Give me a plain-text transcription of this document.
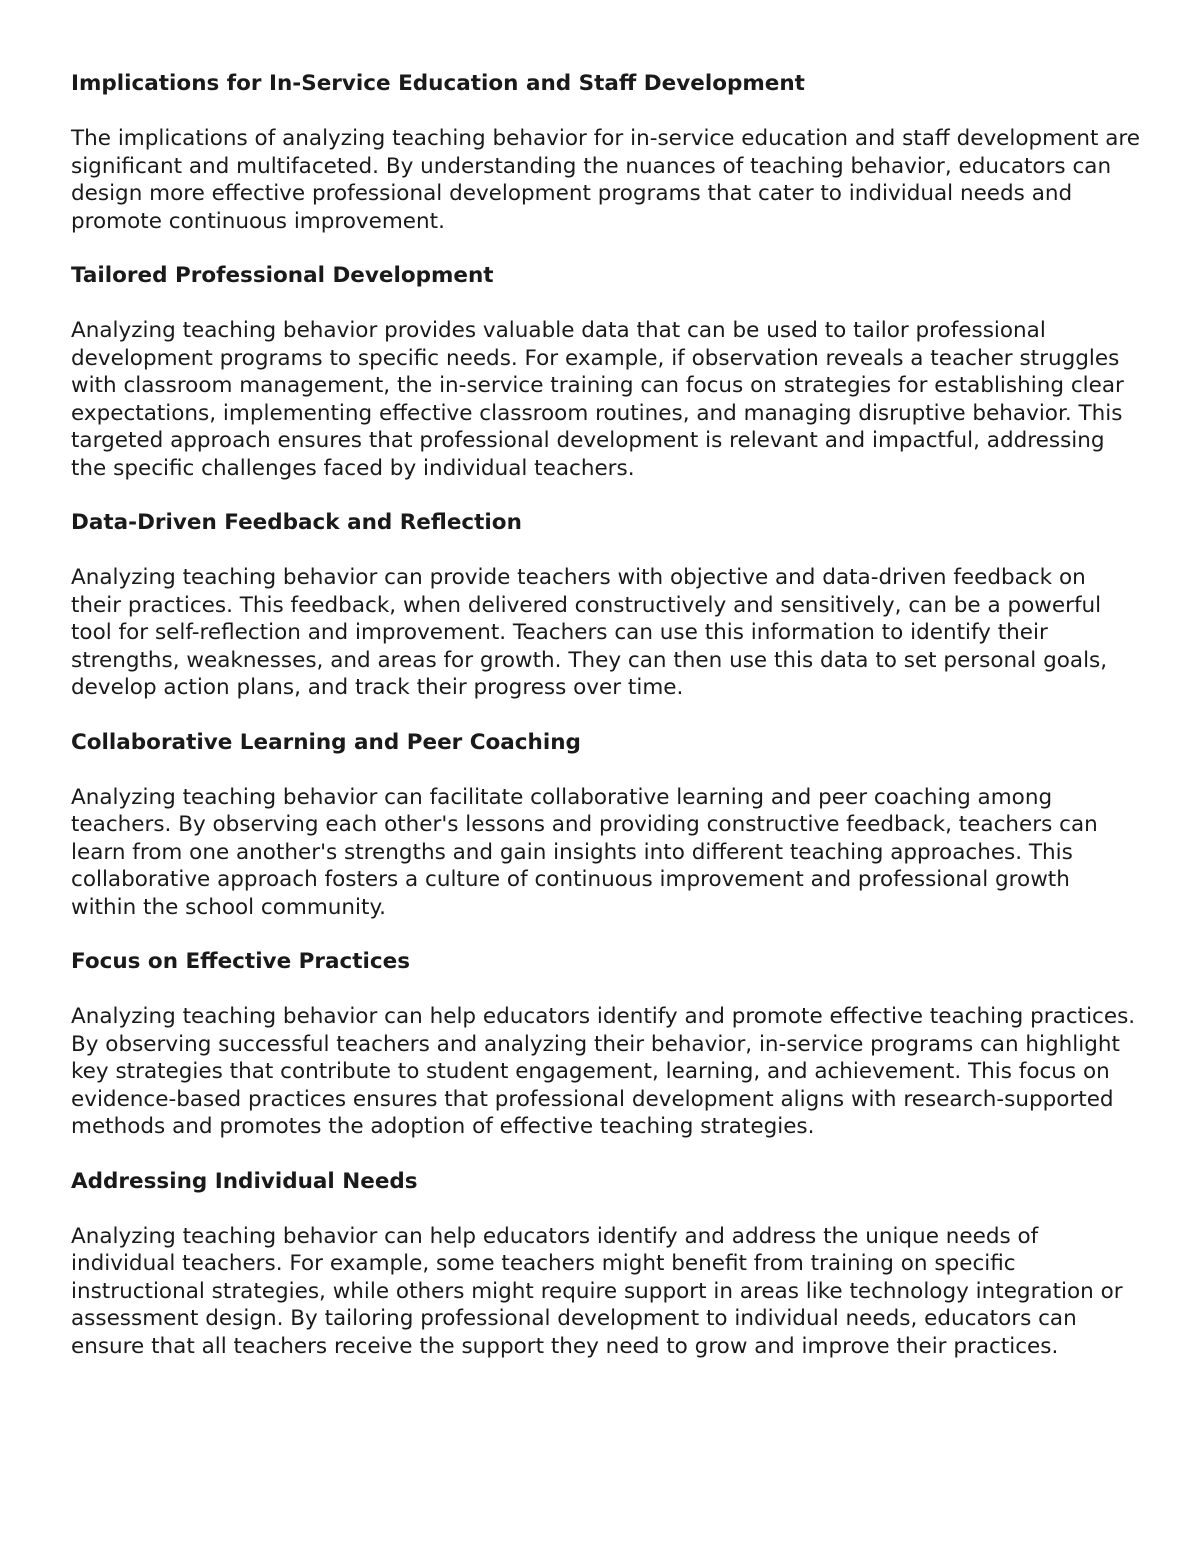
Implications for In-Service Education and Staff Development

The implications of analyzing teaching behavior for in-service education and staff development are significant and multifaceted. By understanding the nuances of teaching behavior, educators can design more effective professional development programs that cater to individual needs and promote continuous improvement.

Tailored Professional Development

Analyzing teaching behavior provides valuable data that can be used to tailor professional development programs to specific needs. For example, if observation reveals a teacher struggles with classroom management, the in-service training can focus on strategies for establishing clear expectations, implementing effective classroom routines, and managing disruptive behavior. This targeted approach ensures that professional development is relevant and impactful, addressing the specific challenges faced by individual teachers.

Data-Driven Feedback and Reflection

Analyzing teaching behavior can provide teachers with objective and data-driven feedback on their practices. This feedback, when delivered constructively and sensitively, can be a powerful tool for self-reflection and improvement. Teachers can use this information to identify their strengths, weaknesses, and areas for growth. They can then use this data to set personal goals, develop action plans, and track their progress over time.

Collaborative Learning and Peer Coaching

Analyzing teaching behavior can facilitate collaborative learning and peer coaching among teachers. By observing each other's lessons and providing constructive feedback, teachers can learn from one another's strengths and gain insights into different teaching approaches. This collaborative approach fosters a culture of continuous improvement and professional growth within the school community.

Focus on Effective Practices

Analyzing teaching behavior can help educators identify and promote effective teaching practices. By observing successful teachers and analyzing their behavior, in-service programs can highlight key strategies that contribute to student engagement, learning, and achievement. This focus on evidence-based practices ensures that professional development aligns with research-supported methods and promotes the adoption of effective teaching strategies.

Addressing Individual Needs

Analyzing teaching behavior can help educators identify and address the unique needs of individual teachers. For example, some teachers might benefit from training on specific instructional strategies, while others might require support in areas like technology integration or assessment design. By tailoring professional development to individual needs, educators can ensure that all teachers receive the support they need to grow and improve their practices.
